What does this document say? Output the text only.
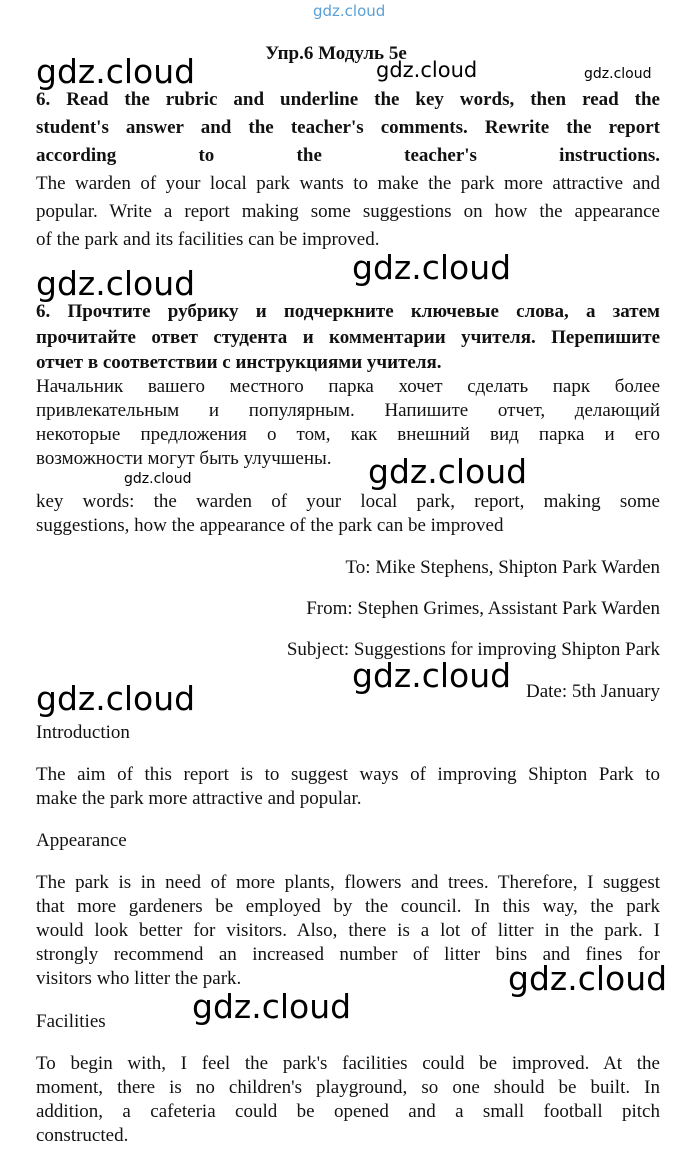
gdz.cloud
Упр.6 Модуль 5е
6. Read the rubric and underline the key words, then read the
student's answer and the teacher's comments. Rewrite the report
according to the teacher's instructions.
The warden of your local park wants to make the park more attractive and
popular. Write a report making some suggestions on how the appearance
of the park and its facilities can be improved.
6. Прочтите рубрику и подчеркните ключевые слова, а затем
прочитайте ответ студента и комментарии учителя. Перепишите
отчет в соответствии с инструкциями учителя.
Начальник вашего местного парка хочет сделать парк более
привлекательным и популярным. Напишите отчет, делающий
некоторые предложения о том, как внешний вид парка и его
возможности могут быть улучшены.
key words: the warden of your local park, report, making some
suggestions, how the appearance of the park can be improved
To: Mike Stephens, Shipton Park Warden
From: Stephen Grimes, Assistant Park Warden
Subject: Suggestions for improving Shipton Park
Date: 5th January
Introduction
The aim of this report is to suggest ways of improving Shipton Park to
make the park more attractive and popular.
Appearance
The park is in need of more plants, flowers and trees. Therefore, I suggest
that more gardeners be employed by the council. In this way, the park
would look better for visitors. Also, there is a lot of litter in the park. I
strongly recommend an increased number of litter bins and fines for
visitors who litter the park.
Facilities
To begin with, I feel the park's facilities could be improved. At the
moment, there is no children's playground, so one should be built. In
addition, a cafeteria could be opened and a small football pitch
constructed.
gdz.cloud	gdz.cloud	gdz.cloud
gdz.cloud	gdz.cloud
gdz.cloud	gdz.cloud
gdz.cloud
gdz.cloud
gdz.cloud
gdz.cloud
